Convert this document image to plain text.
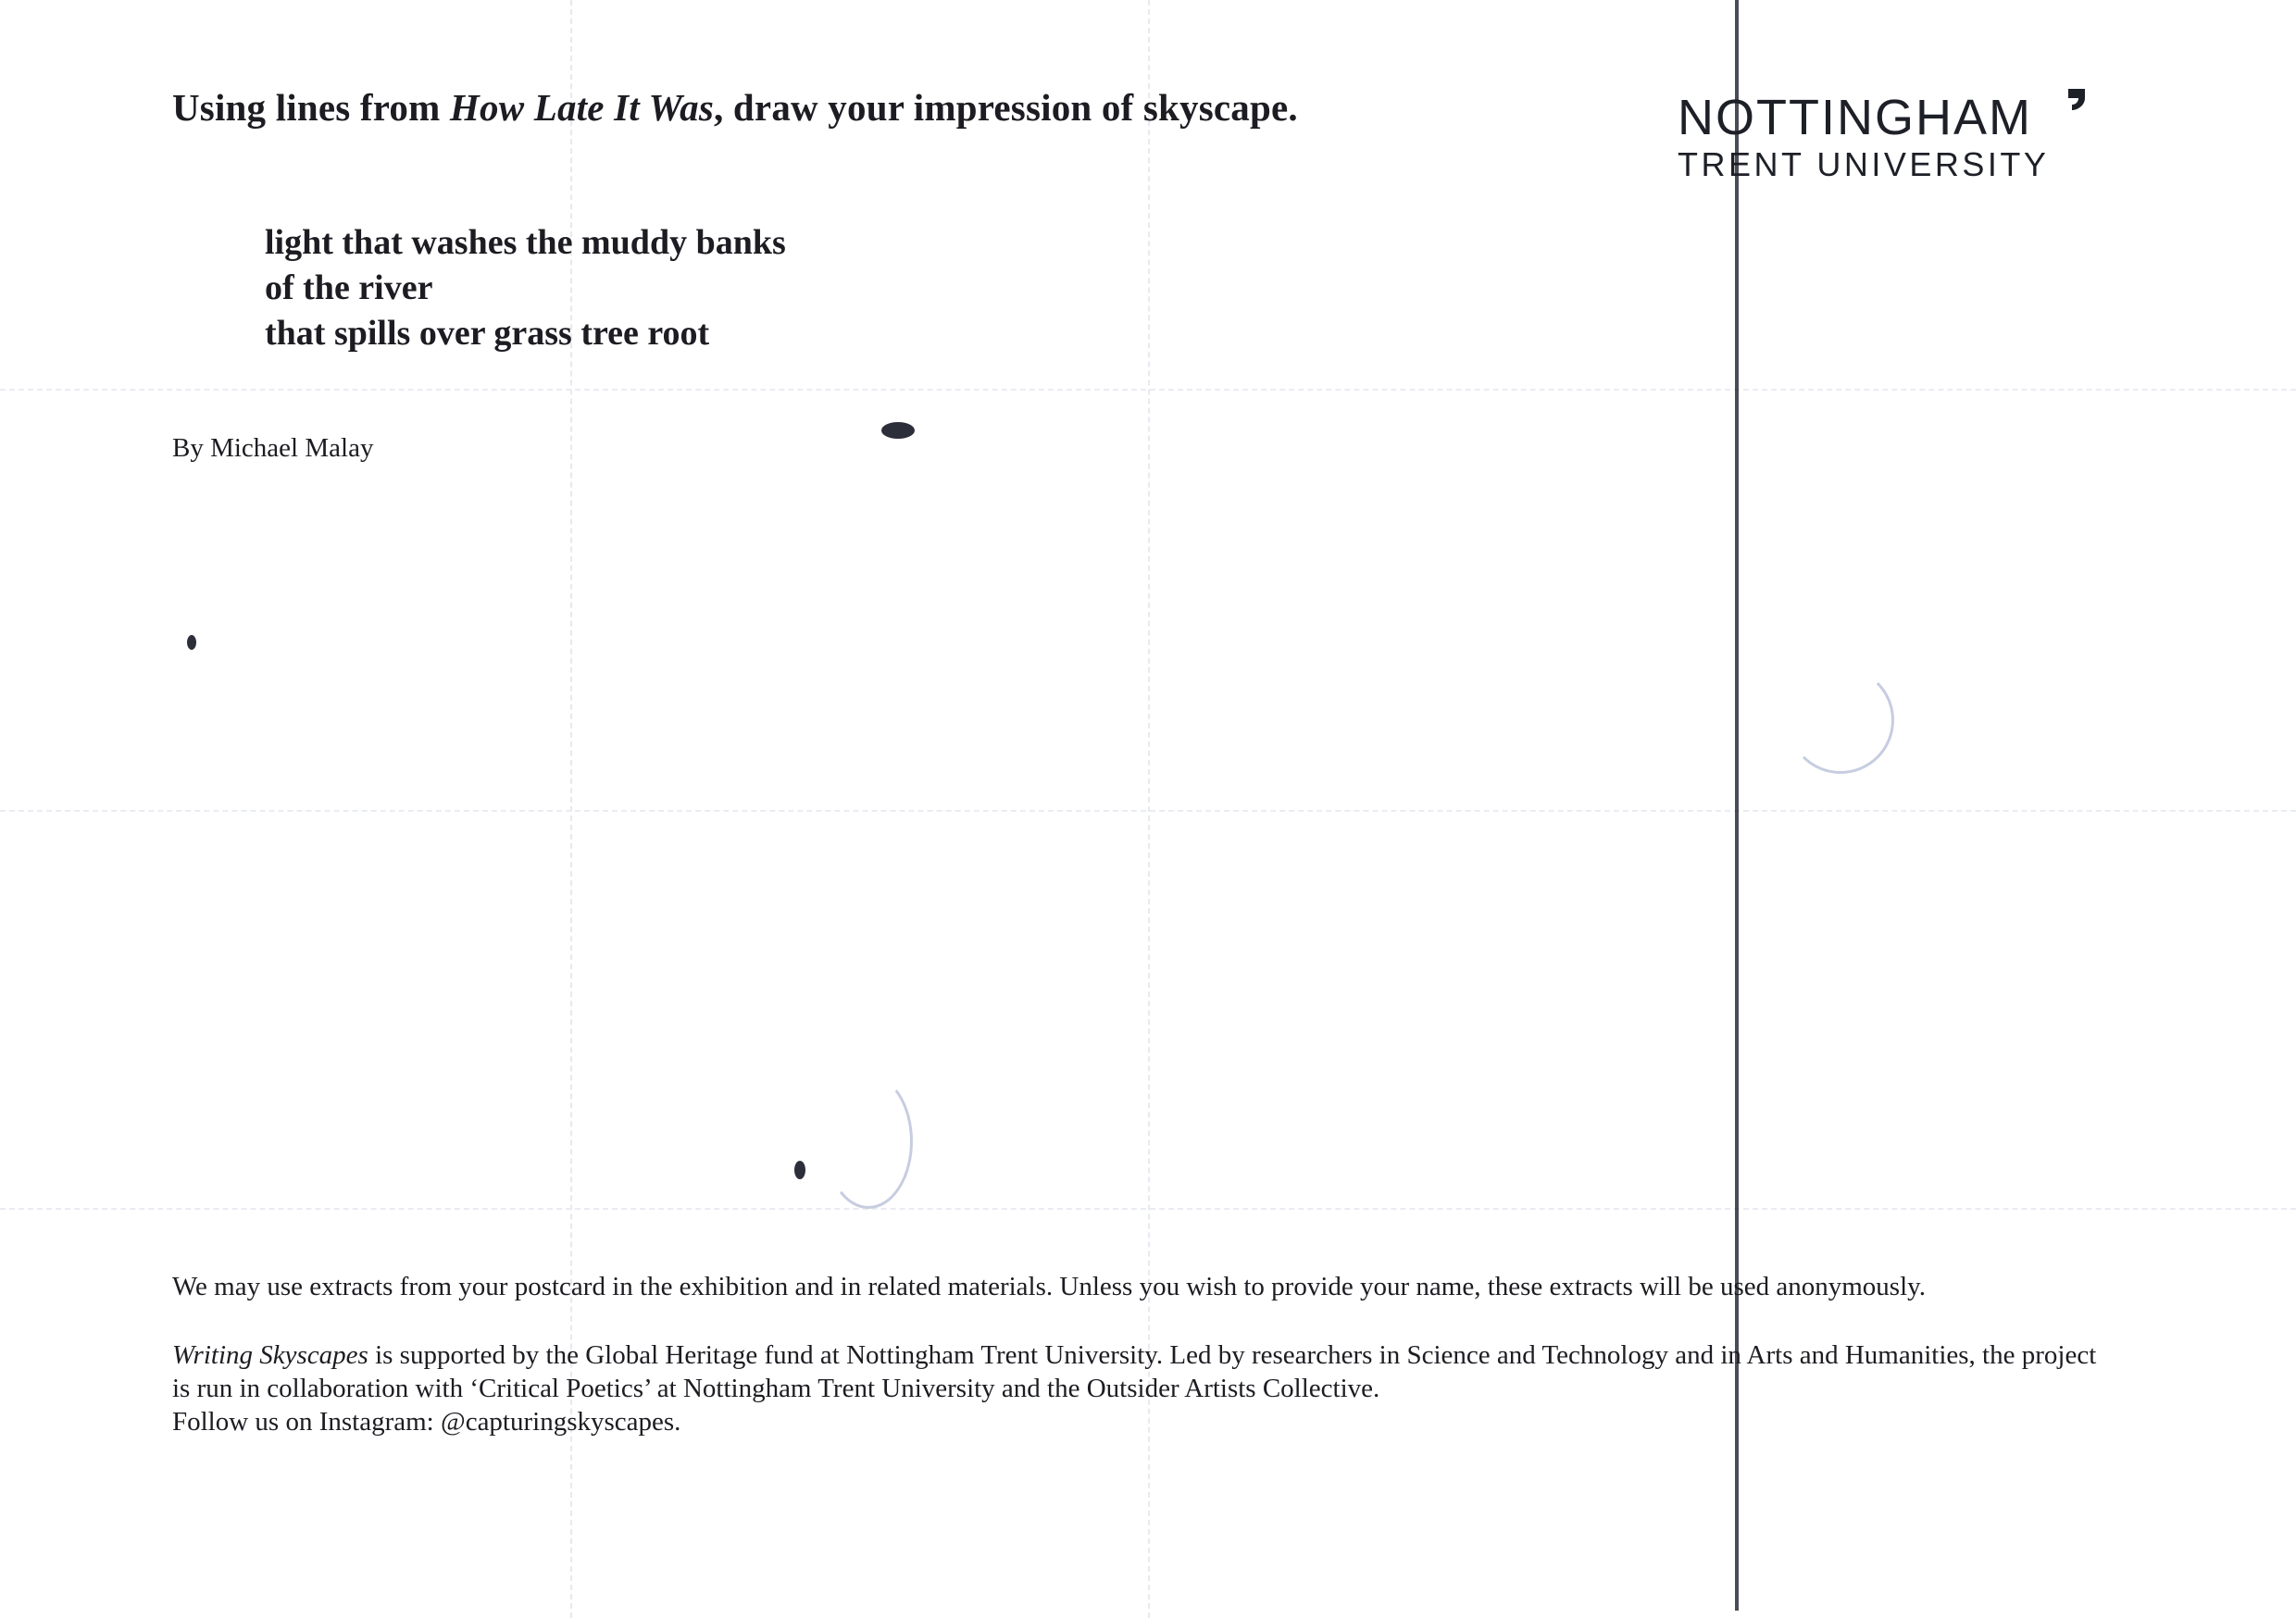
Using lines from How Late It Was, draw your impression of skyscape.	NOTTINGHAM
TRENT UNIVERSITY
light that washes the muddy banks
of the river
that spills over grass tree root
By Michael Malay
We may use extracts from your postcard in the exhibition and in related materials. Unless you wish to provide your name, these extracts will be used anonymously.
Writing Skyscapes is supported by the Global Heritage fund at Nottingham Trent University. Led by researchers in Science and Technology and in Arts and Humanities, the project is run in collaboration with ‘Critical Poetics’ at Nottingham Trent University and the Outsider Artists Collective.
Follow us on Instagram: @capturingskyscapes.
